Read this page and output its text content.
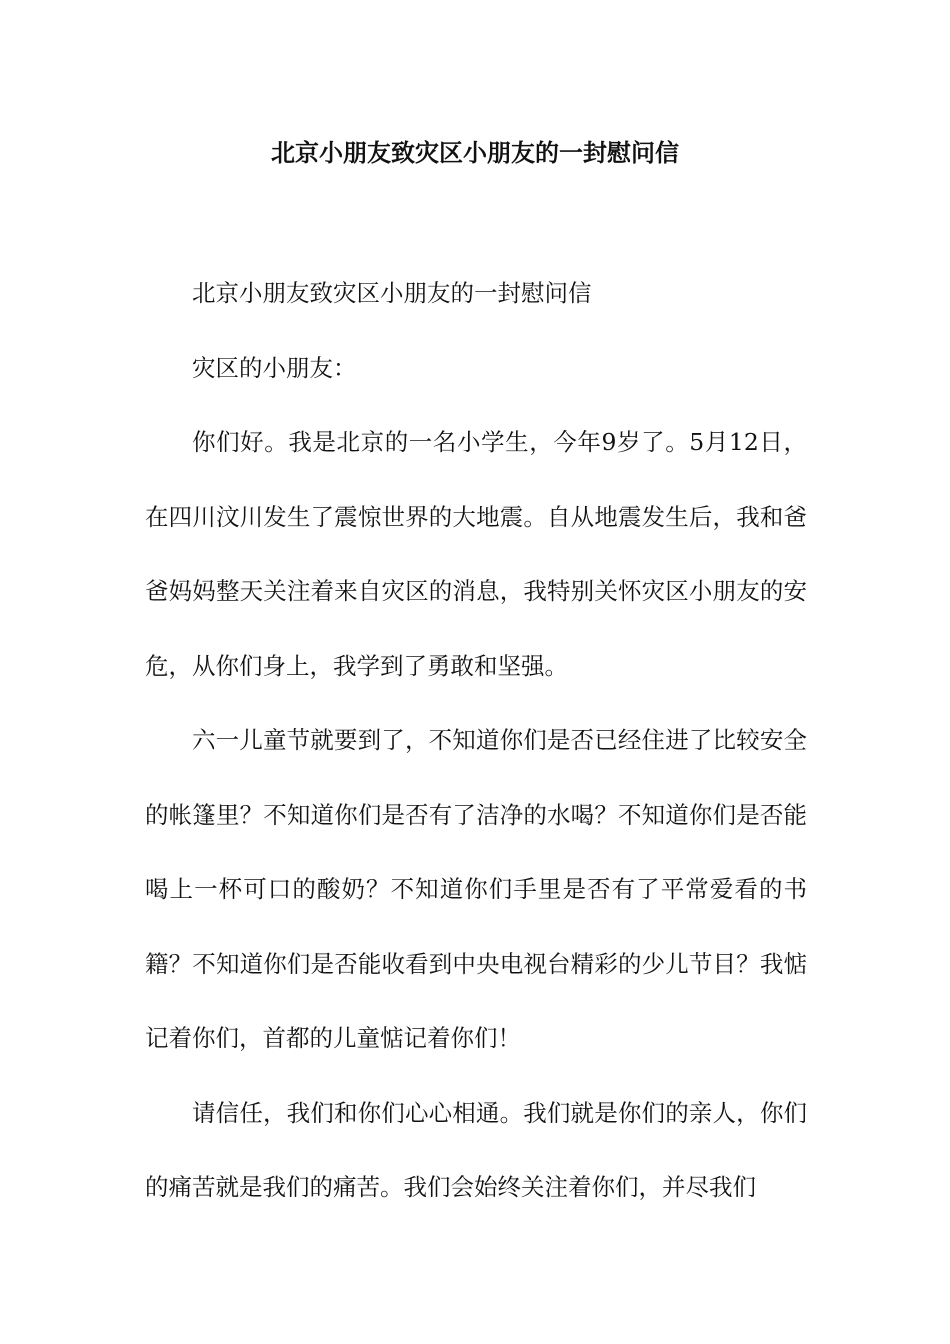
北京小朋友致灾区小朋友的一封慰问信

北京小朋友致灾区小朋友的一封慰问信

灾区的小朋友：

你们好。我是北京的一名小学生，今年9岁了。5月12日，在四川汶川发生了震惊世界的大地震。自从地震发生后，我和爸爸妈妈整天关注着来自灾区的消息，我特别关怀灾区小朋友的安危，从你们身上，我学到了勇敢和坚强。

六一儿童节就要到了，不知道你们是否已经住进了比较安全的帐篷里？不知道你们是否有了洁净的水喝？不知道你们是否能喝上一杯可口的酸奶？不知道你们手里是否有了平常爱看的书籍？不知道你们是否能收看到中央电视台精彩的少儿节目？我惦记着你们，首都的儿童惦记着你们！

请信任，我们和你们心心相通。我们就是你们的亲人，你们的痛苦就是我们的痛苦。我们会始终关注着你们，并尽我们
